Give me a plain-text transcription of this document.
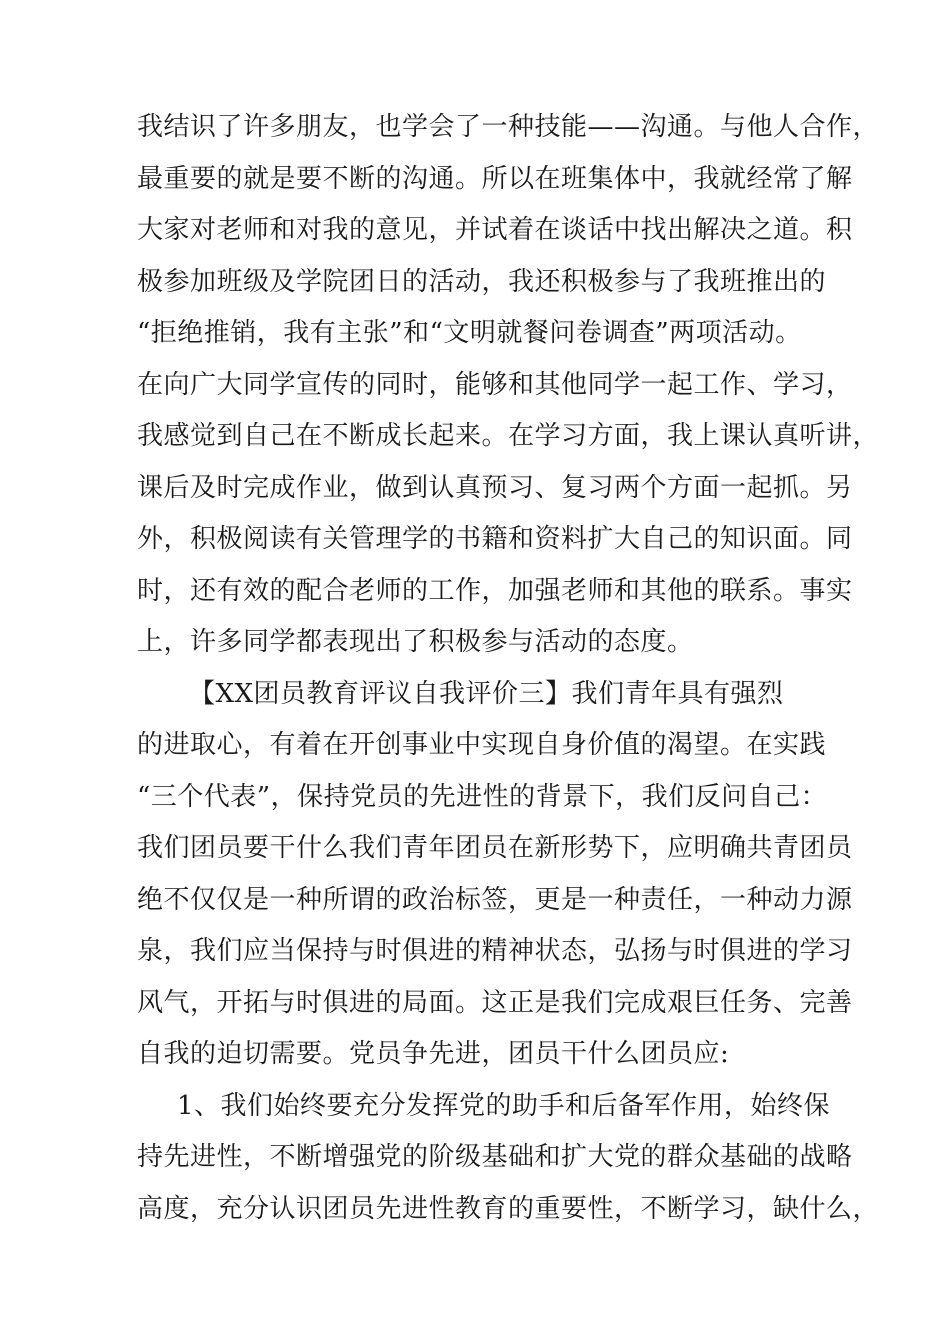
我结识了许多朋友，也学会了一种技能——沟通。与他人合作，
最重要的就是要不断的沟通。所以在班集体中，我就经常了解
大家对老师和对我的意见，并试着在谈话中找出解决之道。积
极参加班级及学院团日的活动，我还积极参与了我班推出的
“拒绝推销，我有主张”和“文明就餐问卷调查”两项活动。
在向广大同学宣传的同时，能够和其他同学一起工作、学习，
我感觉到自己在不断成长起来。在学习方面，我上课认真听讲，
课后及时完成作业，做到认真预习、复习两个方面一起抓。另
外，积极阅读有关管理学的书籍和资料扩大自己的知识面。同
时，还有效的配合老师的工作，加强老师和其他的联系。事实
上，许多同学都表现出了积极参与活动的态度。
【XX团员教育评议自我评价三】我们青年具有强烈
的进取心，有着在开创事业中实现自身价值的渴望。在实践
“三个代表”，保持党员的先进性的背景下，我们反问自己：
我们团员要干什么我们青年团员在新形势下，应明确共青团员
绝不仅仅是一种所谓的政治标签，更是一种责任，一种动力源
泉，我们应当保持与时俱进的精神状态，弘扬与时俱进的学习
风气，开拓与时俱进的局面。这正是我们完成艰巨任务、完善
自我的迫切需要。党员争先进，团员干什么团员应:
1、我们始终要充分发挥党的助手和后备军作用，始终保
持先进性，不断增强党的阶级基础和扩大党的群众基础的战略
高度，充分认识团员先进性教育的重要性，不断学习，缺什么，
